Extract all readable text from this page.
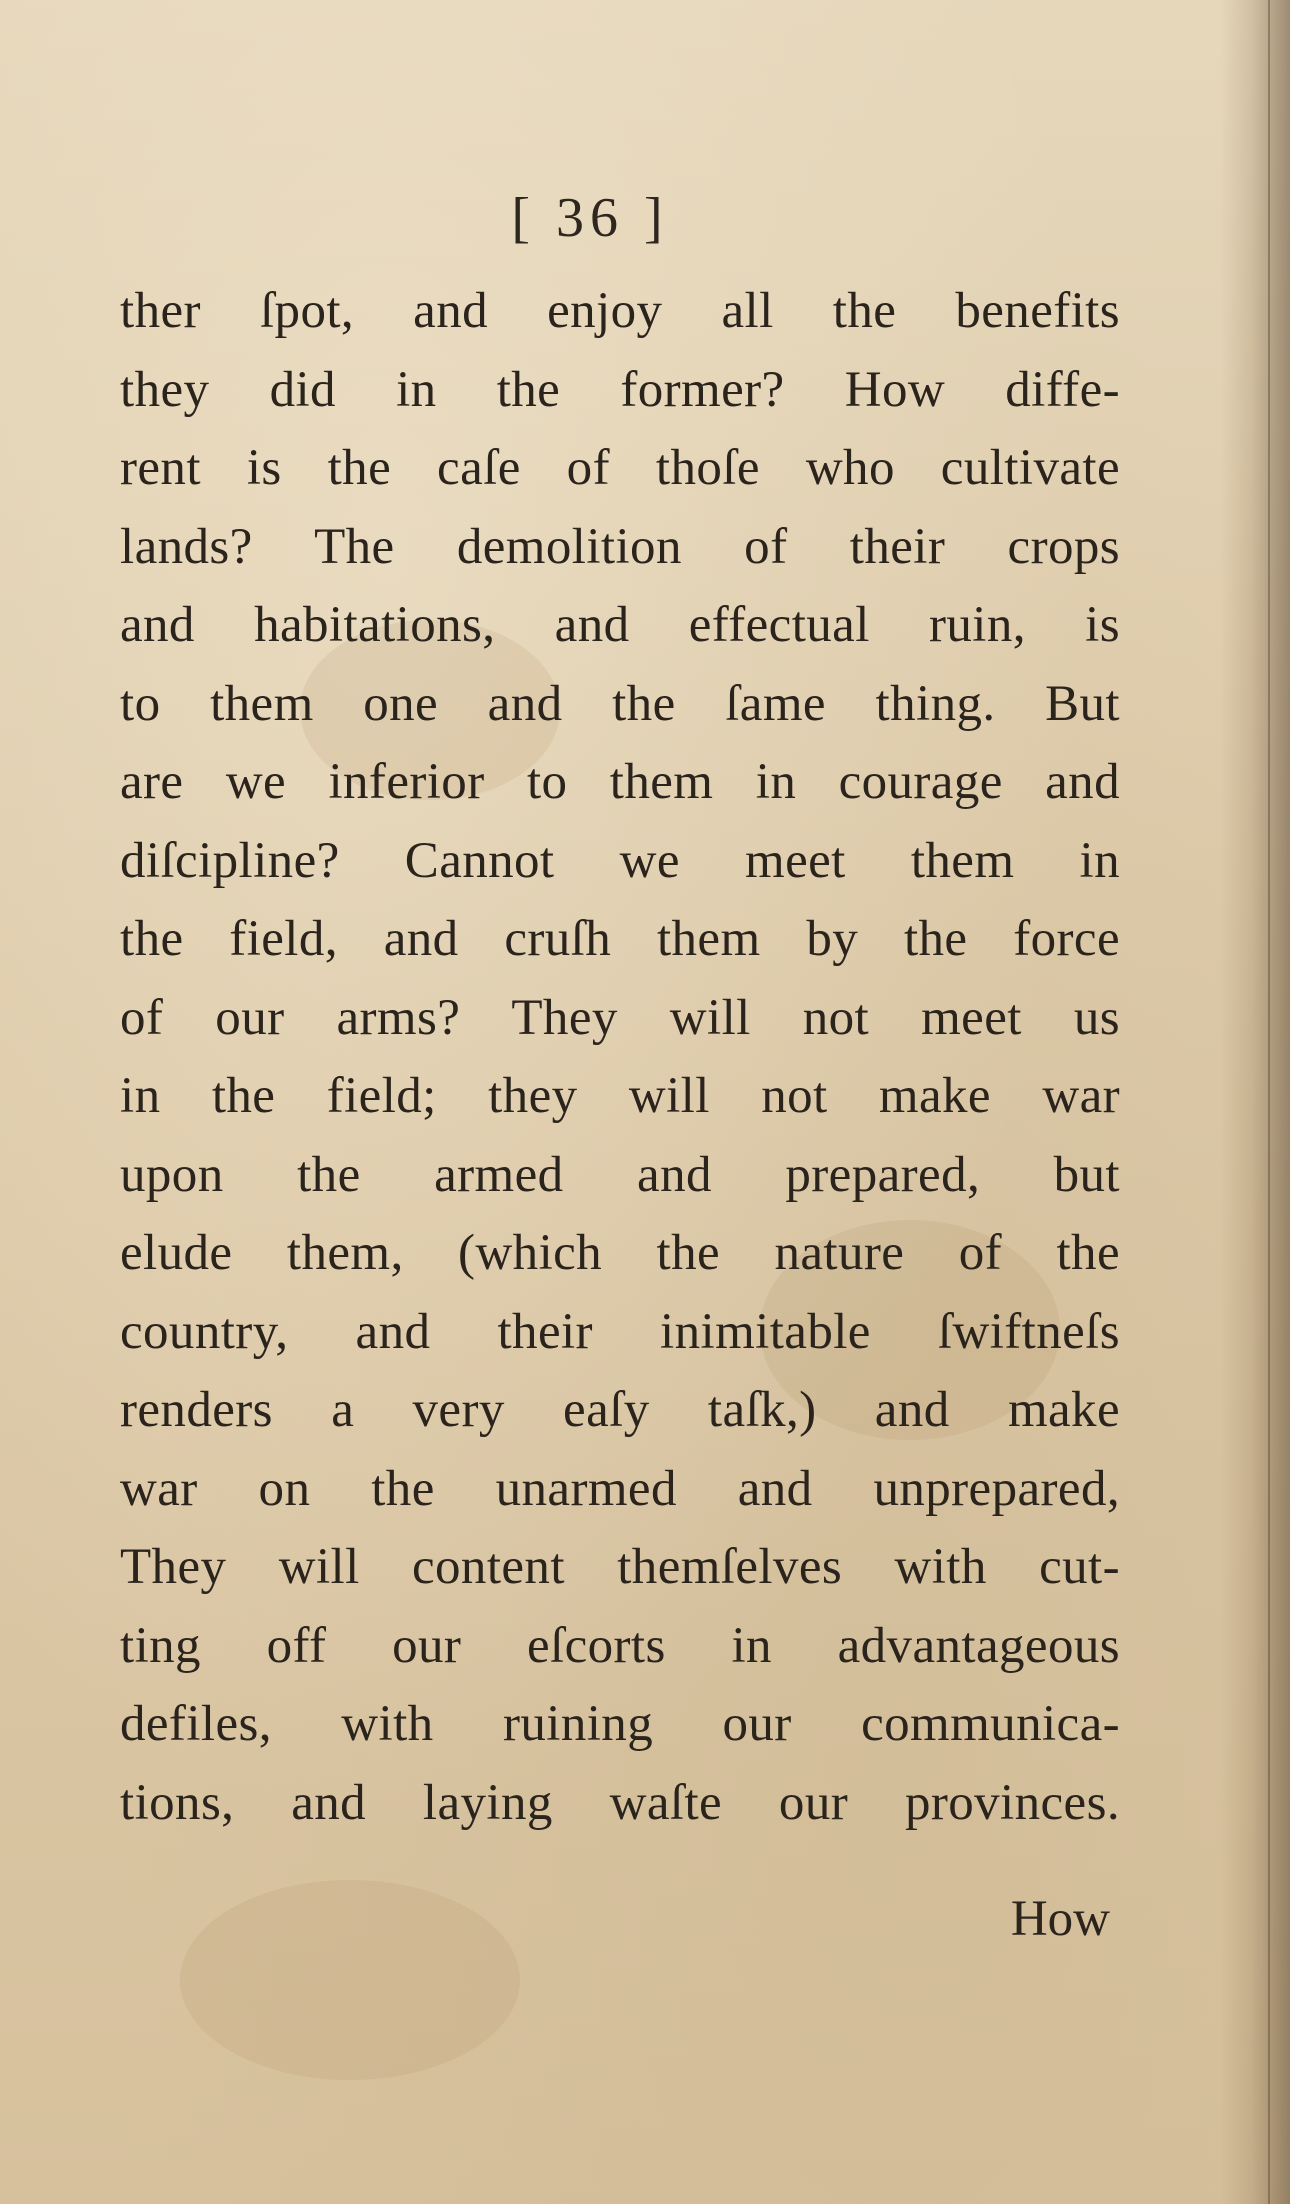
[ 36 ]
ther ſpot, and enjoy all the benefits
they did in the former? How diffe-
rent is the caſe of thoſe who cultivate
lands? The demolition of their crops
and habitations, and effectual ruin, is
to them one and the ſame thing. But
are we inferior to them in courage and
diſcipline? Cannot we meet them in
the field, and cruſh them by the force
of our arms? They will not meet us
in the field; they will not make war
upon the armed and prepared, but
elude them, (which the nature of the
country, and their inimitable ſwiftneſs
renders a very eaſy taſk,) and make
war on the unarmed and unprepared,
They will content themſelves with cut-
ting off our eſcorts in advantageous
defiles, with ruining our communica-
tions, and laying waſte our provinces.
How
